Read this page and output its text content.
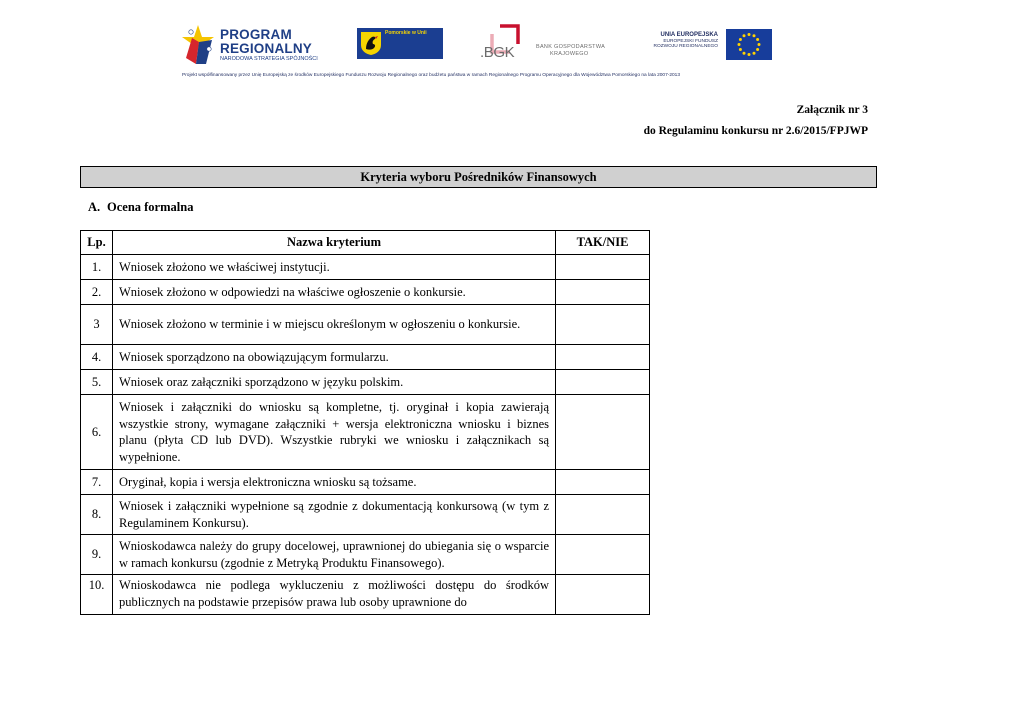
PROGRAM
REGIONALNY
NARODOWA STRATEGIA SPÓJNOŚCI
Pomorskie w Unii
.BGK	BANK GOSPODARSTWA
KRAJOWEGO
UNIA EUROPEJSKA
EUROPEJSKI FUNDUSZ
ROZWOJU REGIONALNEGO
Projekt współfinansowany przez Unię Europejską ze środków Europejskiego Funduszu Rozwoju Regionalnego oraz budżetu państwa w ramach Regionalnego Programu Operacyjnego dla Województwa Pomorskiego na lata 2007-2013
Załącznik nr 3
do Regulaminu konkursu nr 2.6/2015/FPJWP
Kryteria wyboru Pośredników Finansowych
A. Ocena formalna
Lp.	Nazwa kryterium	TAK/NIE
1.	Wniosek złożono we właściwej instytucji.	
2.	Wniosek złożono w odpowiedzi na właściwe ogłoszenie o konkursie.	
3	Wniosek złożono w terminie i w miejscu określonym w ogłoszeniu o konkursie.	
4.	Wniosek sporządzono na obowiązującym formularzu.	
5.	Wniosek oraz załączniki sporządzono w języku polskim.	
6.	Wniosek i załączniki do wniosku są kompletne, tj. oryginał i kopia zawierają wszystkie strony, wymagane załączniki + wersja elektroniczna wniosku i biznes planu (płyta CD lub DVD). Wszystkie rubryki we wniosku i załącznikach są wypełnione.	
7.	Oryginał, kopia i wersja elektroniczna wniosku są tożsame.	
8.	Wniosek i załączniki wypełnione są zgodnie z dokumentacją konkursową (w tym z Regulaminem Konkursu).	
9.	Wnioskodawca należy do grupy docelowej, uprawnionej do ubiegania się o wsparcie w ramach konkursu (zgodnie z Metryką Produktu Finansowego).	
10.	Wnioskodawca nie podlega wykluczeniu z możliwości dostępu do środków publicznych na podstawie przepisów prawa lub osoby uprawnione do	
